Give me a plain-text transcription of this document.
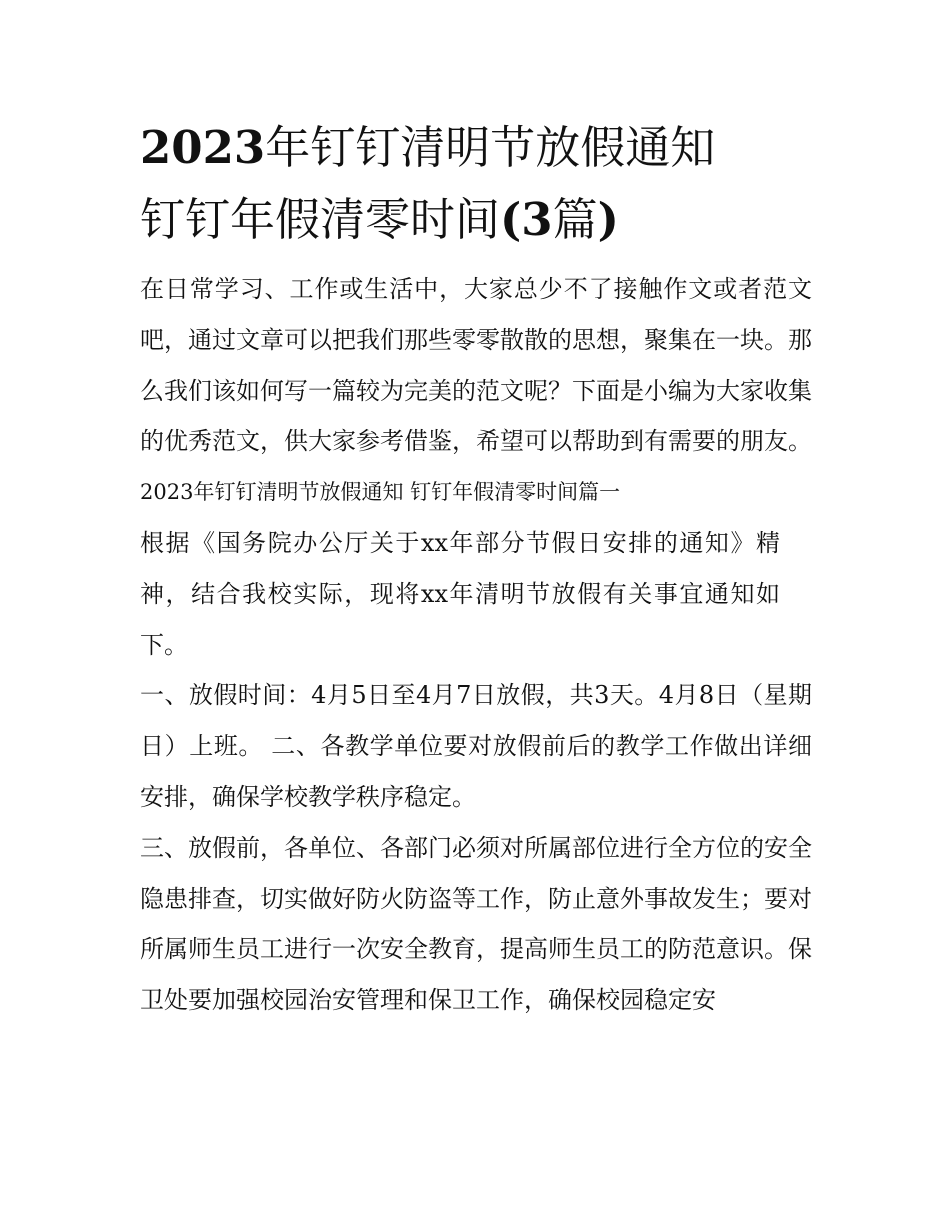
2023年钉钉清明节放假通知
钉钉年假清零时间(3篇)

在日常学习、工作或生活中，大家总少不了接触作文或者范文吧，通过文章可以把我们那些零零散散的思想，聚集在一块。那么我们该如何写一篇较为完美的范文呢？下面是小编为大家收集的优秀范文，供大家参考借鉴，希望可以帮助到有需要的朋友。

2023年钉钉清明节放假通知 钉钉年假清零时间篇一

根据《国务院办公厅关于xx年部分节假日安排的通知》精神，结合我校实际，现将xx年清明节放假有关事宜通知如下。

一、放假时间：4月5日至4月7日放假，共3天。4月8日（星期日）上班。 二、各教学单位要对放假前后的教学工作做出详细安排，确保学校教学秩序稳定。

三、放假前，各单位、各部门必须对所属部位进行全方位的安全隐患排查，切实做好防火防盗等工作，防止意外事故发生；要对所属师生员工进行一次安全教育，提高师生员工的防范意识。保卫处要加强校园治安管理和保卫工作，确保校园稳定安
